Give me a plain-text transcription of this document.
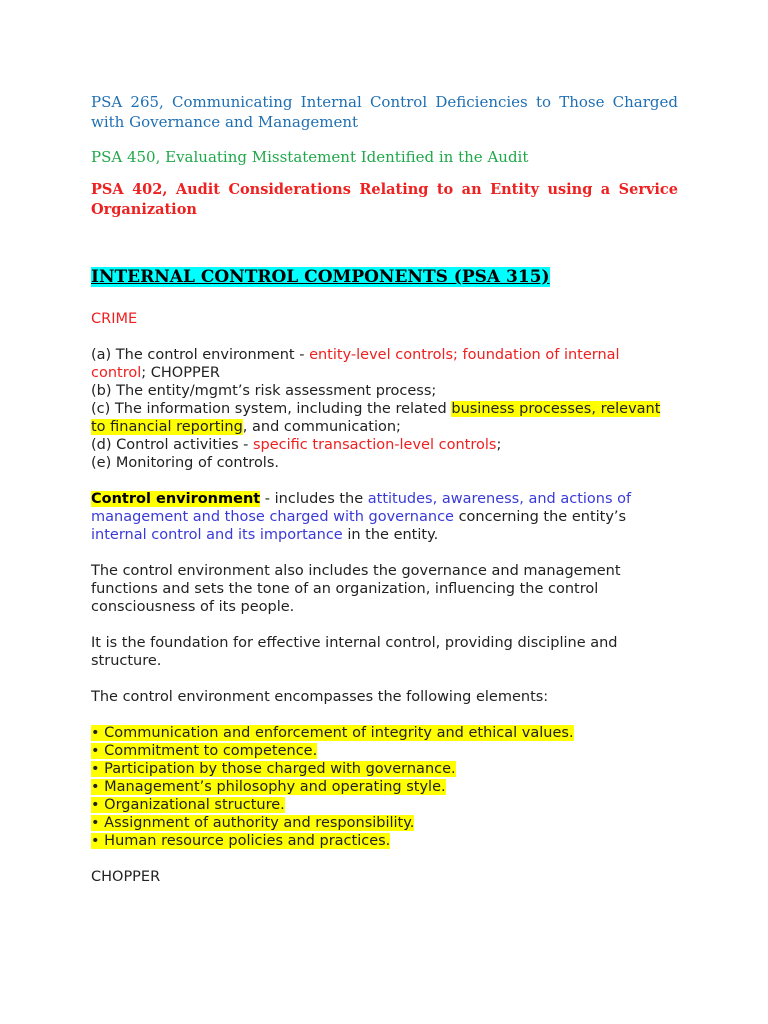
PSA 265, Communicating Internal Control Deficiencies to Those Charged with Governance and Management

PSA 450, Evaluating Misstatement Identified in the Audit

PSA 402, Audit Considerations Relating to an Entity using a Service Organization

INTERNAL CONTROL COMPONENTS (PSA 315)

CRIME

(a) The control environment - entity-level controls; foundation of internal control; CHOPPER

(b) The entity/mgmt’s risk assessment process;

(c) The information system, including the related business processes, relevant to financial reporting, and communication;

(d) Control activities - specific transaction-level controls;

(e) Monitoring of controls.

Control environment - includes the attitudes, awareness, and actions of management and those charged with governance concerning the entity’s internal control and its importance in the entity.

The control environment also includes the governance and management functions and sets the tone of an organization, influencing the control consciousness of its people.

It is the foundation for effective internal control, providing discipline and structure.

The control environment encompasses the following elements:

• Communication and enforcement of integrity and ethical values.
• Commitment to competence.
• Participation by those charged with governance.
• Management’s philosophy and operating style.
• Organizational structure.
• Assignment of authority and responsibility.
• Human resource policies and practices.

CHOPPER
